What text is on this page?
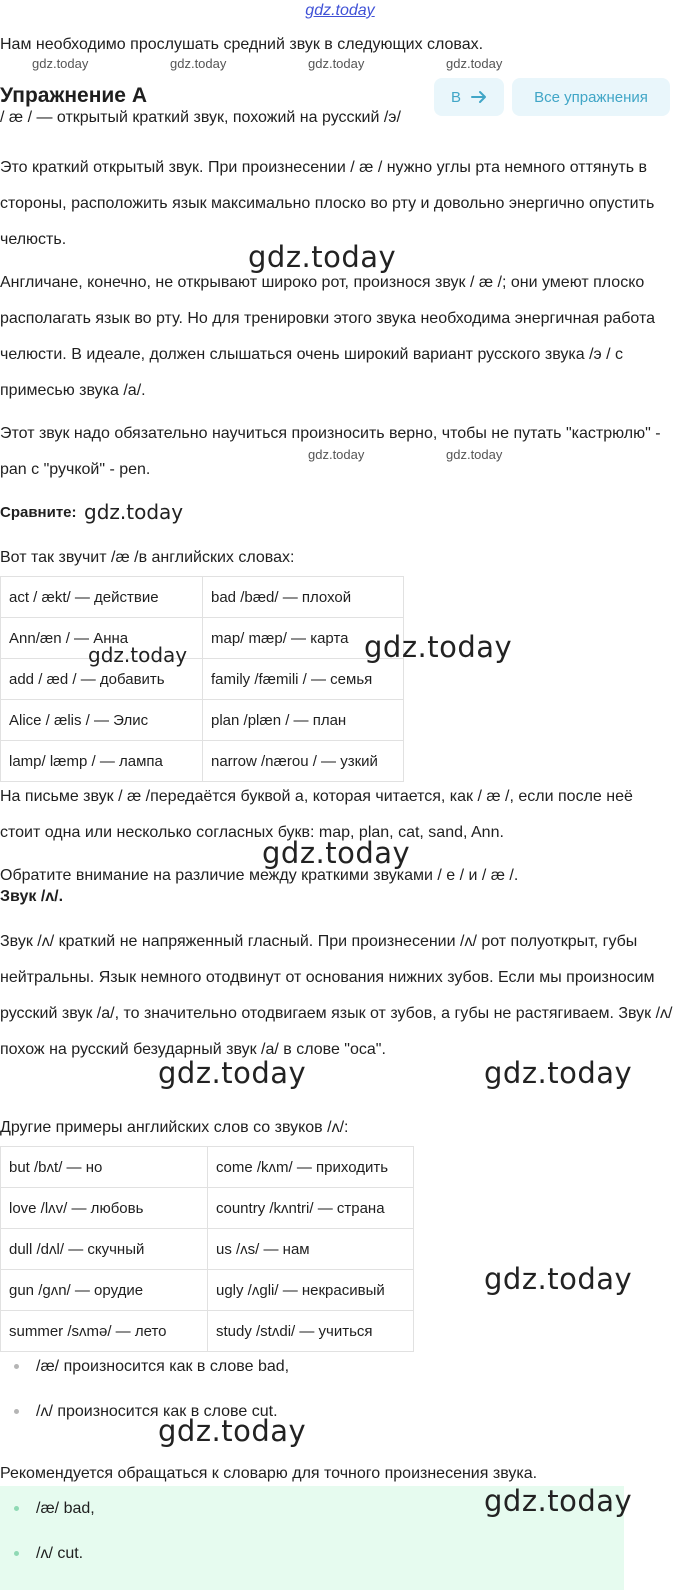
gdz.today
Нам необходимо прослушать средний звук в следующих словах.
gdz.today	gdz.today	gdz.today	gdz.today
Упражнение A	В	Все упражнения
/ æ / — открытый краткий звук, похожий на русский /э/
Это краткий открытый звук. При произнесении / æ / нужно углы рта немного оттянуть в стороны, расположить язык максимально плоско во рту и довольно энергично опустить челюсть.
gdz.today
Англичане, конечно, не открывают широко рот, произнося звук / æ /; они умеют плоско располагать язык во рту. Но для тренировки этого звука необходима энергичная работа челюсти. В идеале, должен слышаться очень широкий вариант русского звука /э / с примесью звука /а/.
Этот звук надо обязательно научиться произносить верно, чтобы не путать "кастрюлю" - pan с "ручкой" - pen.
gdz.today	gdz.today
Сравните: gdz.today
Вот так звучит /æ /в английских словах:
act / ækt/ — действие	bad /bæd/ — плохой
Ann/æn / — Анна	map/ mæp/ — карта
add / æd / — добавить	family /fæmili / — семья
Alice / ælis / — Элис	plan /plæn / — план
lamp/ læmp / — лампа	narrow /nærou / — узкий
gdz.today	gdz.today
На письме звук / æ /передаётся буквой а, которая читается, как / æ /, если после неё стоит одна или несколько согласных букв: map, plan, cat, sand, Ann.
gdz.today
Обратите внимание на различие между краткими звуками / e / и / æ /.
Звук /ʌ/.
Звук /ʌ/ краткий не напряженный гласный. При произнесении /ʌ/ рот полуоткрыт, губы нейтральны. Язык немного отодвинут от основания нижних зубов. Если мы произносим русский звук /а/, то значительно отодвигаем язык от зубов, а губы не растягиваем. Звук /ʌ/ похож на русский безударный звук /а/ в слове "оса".
gdz.today	gdz.today
Другие примеры английских слов со звуков /ʌ/:
but /bʌt/ — но	come /kʌm/ — приходить
love /lʌv/ — любовь	country /kʌntri/ — страна
dull /dʌl/ — скучный	us /ʌs/ — нам
gun /gʌn/ — орудие	ugly /ʌgli/ — некрасивый
summer /sʌmə/ — лето	study /stʌdi/ — учиться
gdz.today
/æ/ произносится как в слове bad,
/ʌ/ произносится как в слове cut.
gdz.today
Рекомендуется обращаться к словарю для точного произнесения звука.
/æ/ bad,
/ʌ/ cut.
gdz.today
